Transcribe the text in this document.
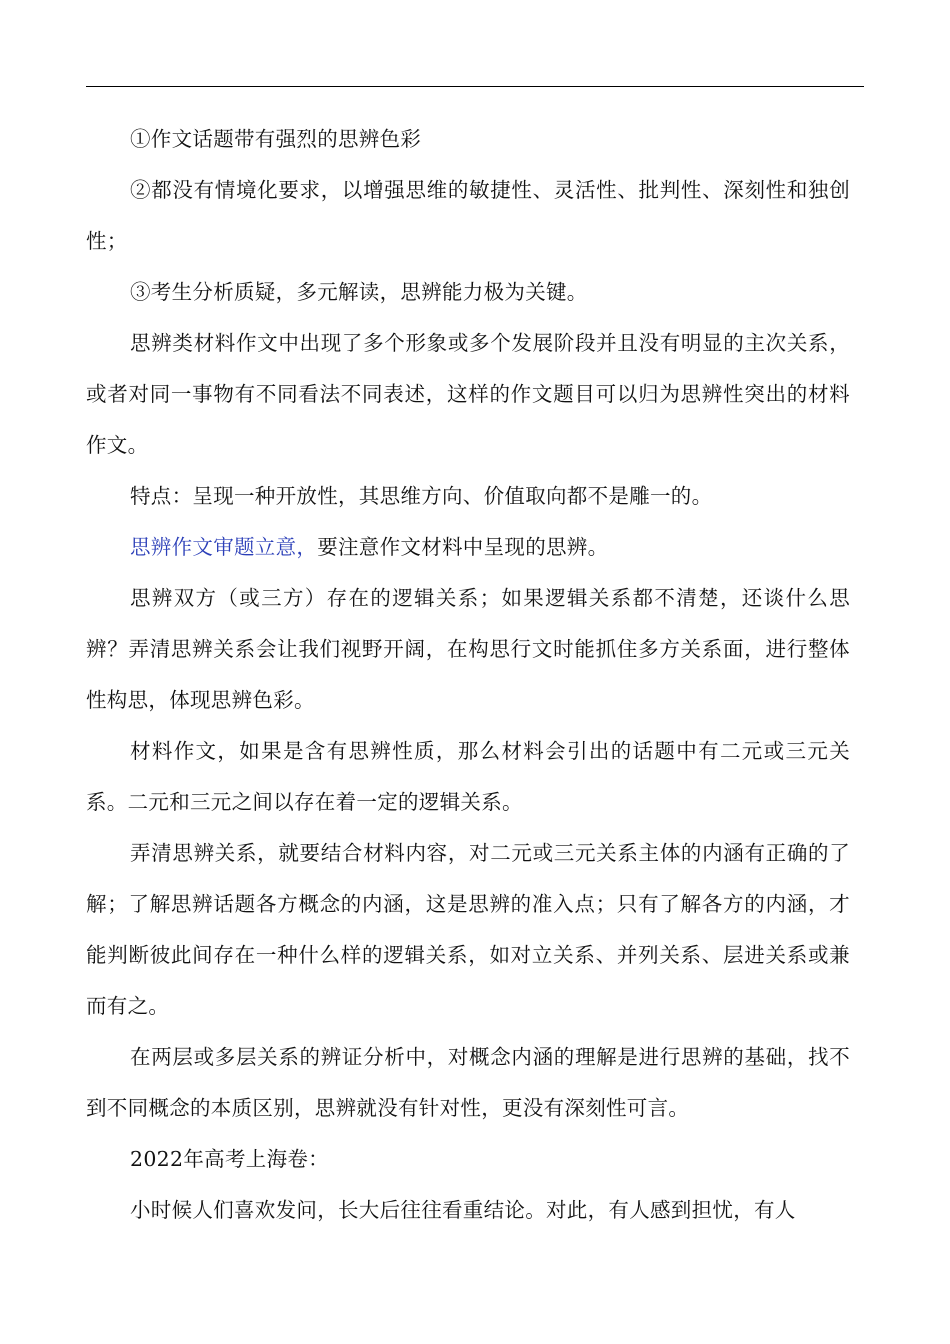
①作文话题带有强烈的思辨色彩

②都没有情境化要求，以增强思维的敏捷性、灵活性、批判性、深刻性和独创性；

③考生分析质疑，多元解读，思辨能力极为关键。

思辨类材料作文中出现了多个形象或多个发展阶段并且没有明显的主次关系，或者对同一事物有不同看法不同表述，这样的作文题目可以归为思辨性突出的材料作文。

特点：呈现一种开放性，其思维方向、价值取向都不是雕一的。

思辨作文审题立意，要注意作文材料中呈现的思辨。

思辨双方（或三方）存在的逻辑关系；如果逻辑关系都不清楚，还谈什么思辨？弄清思辨关系会让我们视野开阔，在构思行文时能抓住多方关系面，进行整体性构思，体现思辨色彩。

材料作文，如果是含有思辨性质，那么材料会引出的话题中有二元或三元关系。二元和三元之间以存在着一定的逻辑关系。

弄清思辨关系，就要结合材料内容，对二元或三元关系主体的内涵有正确的了解；了解思辨话题各方概念的内涵，这是思辨的准入点；只有了解各方的内涵，才能判断彼此间存在一种什么样的逻辑关系，如对立关系、并列关系、层进关系或兼而有之。

在两层或多层关系的辨证分析中，对概念内涵的理解是进行思辨的基础，找不到不同概念的本质区别，思辨就没有针对性，更没有深刻性可言。

2022年高考上海卷：

小时候人们喜欢发问，长大后往往看重结论。对此，有人感到担忧，有人
